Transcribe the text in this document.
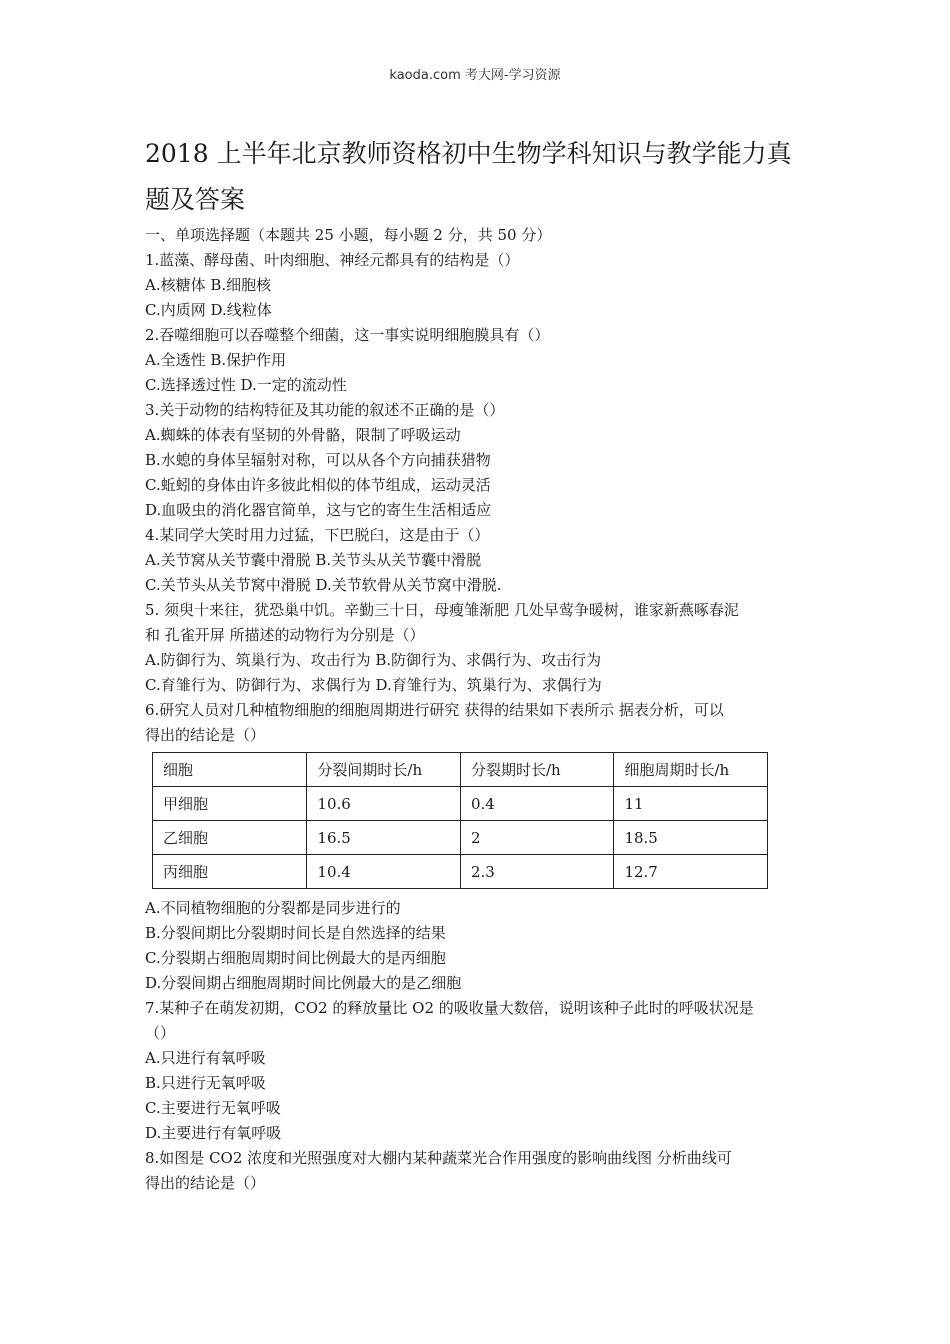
kaoda.com 考大网-学习资源
2018 上半年北京教师资格初中生物学科知识与教学能力真
题及答案
一、单项选择题（本题共 25 小题，每小题 2 分，共 50 分）
1.蓝藻、酵母菌、叶肉细胞、神经元都具有的结构是（）
A.核糖体 B.细胞核
C.内质网 D.线粒体
2.吞噬细胞可以吞噬整个细菌，这一事实说明细胞膜具有（）
A.全透性 B.保护作用
C.选择透过性 D.一定的流动性
3.关于动物的结构特征及其功能的叙述不正确的是（）
A.蜘蛛的体表有坚韧的外骨骼，限制了呼吸运动
B.水螅的身体呈辐射对称，可以从各个方向捕获猎物
C.蚯蚓的身体由许多彼此相似的体节组成，运动灵活
D.血吸虫的消化器官简单，这与它的寄生生活相适应
4.某同学大笑时用力过猛，下巴脱臼，这是由于（）
A.关节窝从关节囊中滑脱 B.关节头从关节囊中滑脱
C.关节头从关节窝中滑脱 D.关节软骨从关节窝中滑脱.
5. 须臾十来往，犹恐巢中饥。辛勤三十日，母瘦雏渐肥 几处早莺争暖树，谁家新燕啄春泥
和 孔雀开屏 所描述的动物行为分别是（）
A.防御行为、筑巢行为、攻击行为 B.防御行为、求偶行为、攻击行为
C.育雏行为、防御行为、求偶行为 D.育雏行为、筑巢行为、求偶行为
6.研究人员对几种植物细胞的细胞周期进行研究 获得的结果如下表所示 据表分析，可以
得出的结论是（）
细胞	分裂间期时长/h	分裂期时长/h	细胞周期时长/h
甲细胞	10.6	0.4	11
乙细胞	16.5	2	18.5
丙细胞	10.4	2.3	12.7
A.不同植物细胞的分裂都是同步进行的
B.分裂间期比分裂期时间长是自然选择的结果
C.分裂期占细胞周期时间比例最大的是丙细胞
D.分裂间期占细胞周期时间比例最大的是乙细胞
7.某种子在萌发初期，CO2 的释放量比 O2 的吸收量大数倍，说明该种子此时的呼吸状况是
（）
A.只进行有氧呼吸
B.只进行无氧呼吸
C.主要进行无氧呼吸
D.主要进行有氧呼吸
8.如图是 CO2 浓度和光照强度对大棚内某种蔬菜光合作用强度的影响曲线图 分析曲线可
得出的结论是（）
